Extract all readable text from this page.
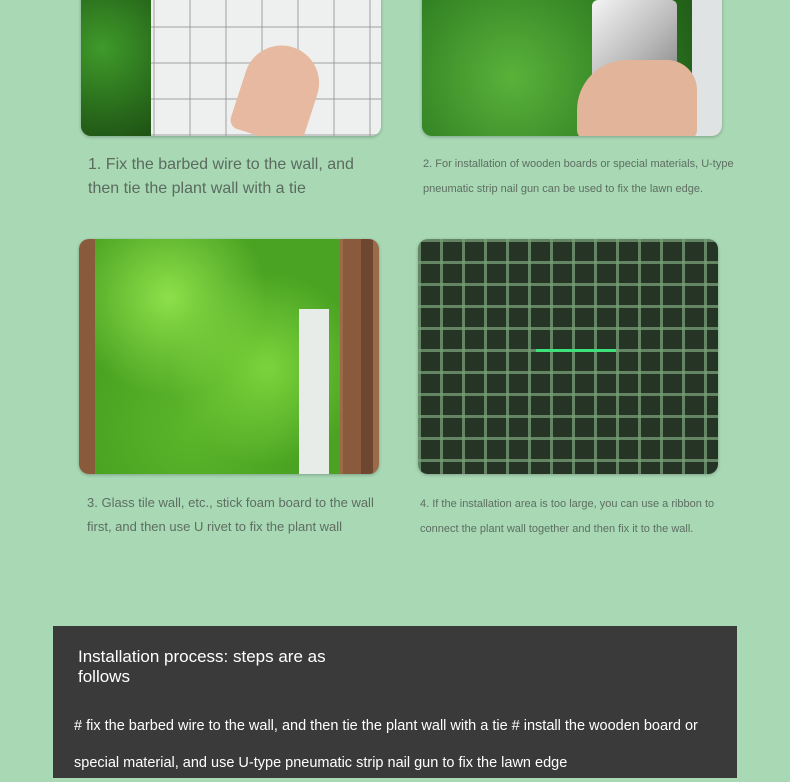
1. Fix the barbed wire to the wall, and then tie the plant wall with a tie
2. For installation of wooden boards or special materials, U-type pneumatic strip nail gun can be used to fix the lawn edge.
3. Glass tile wall, etc., stick foam board to the wall first, and then use U rivet to fix the plant wall
4. If the installation area is too large, you can use a ribbon to connect the plant wall together and then fix it to the wall.
Installation process: steps are as follows
# fix the barbed wire to the wall, and then tie the plant wall with a tie # install the wooden board or special material, and use U-type pneumatic strip nail gun to fix the lawn edge
